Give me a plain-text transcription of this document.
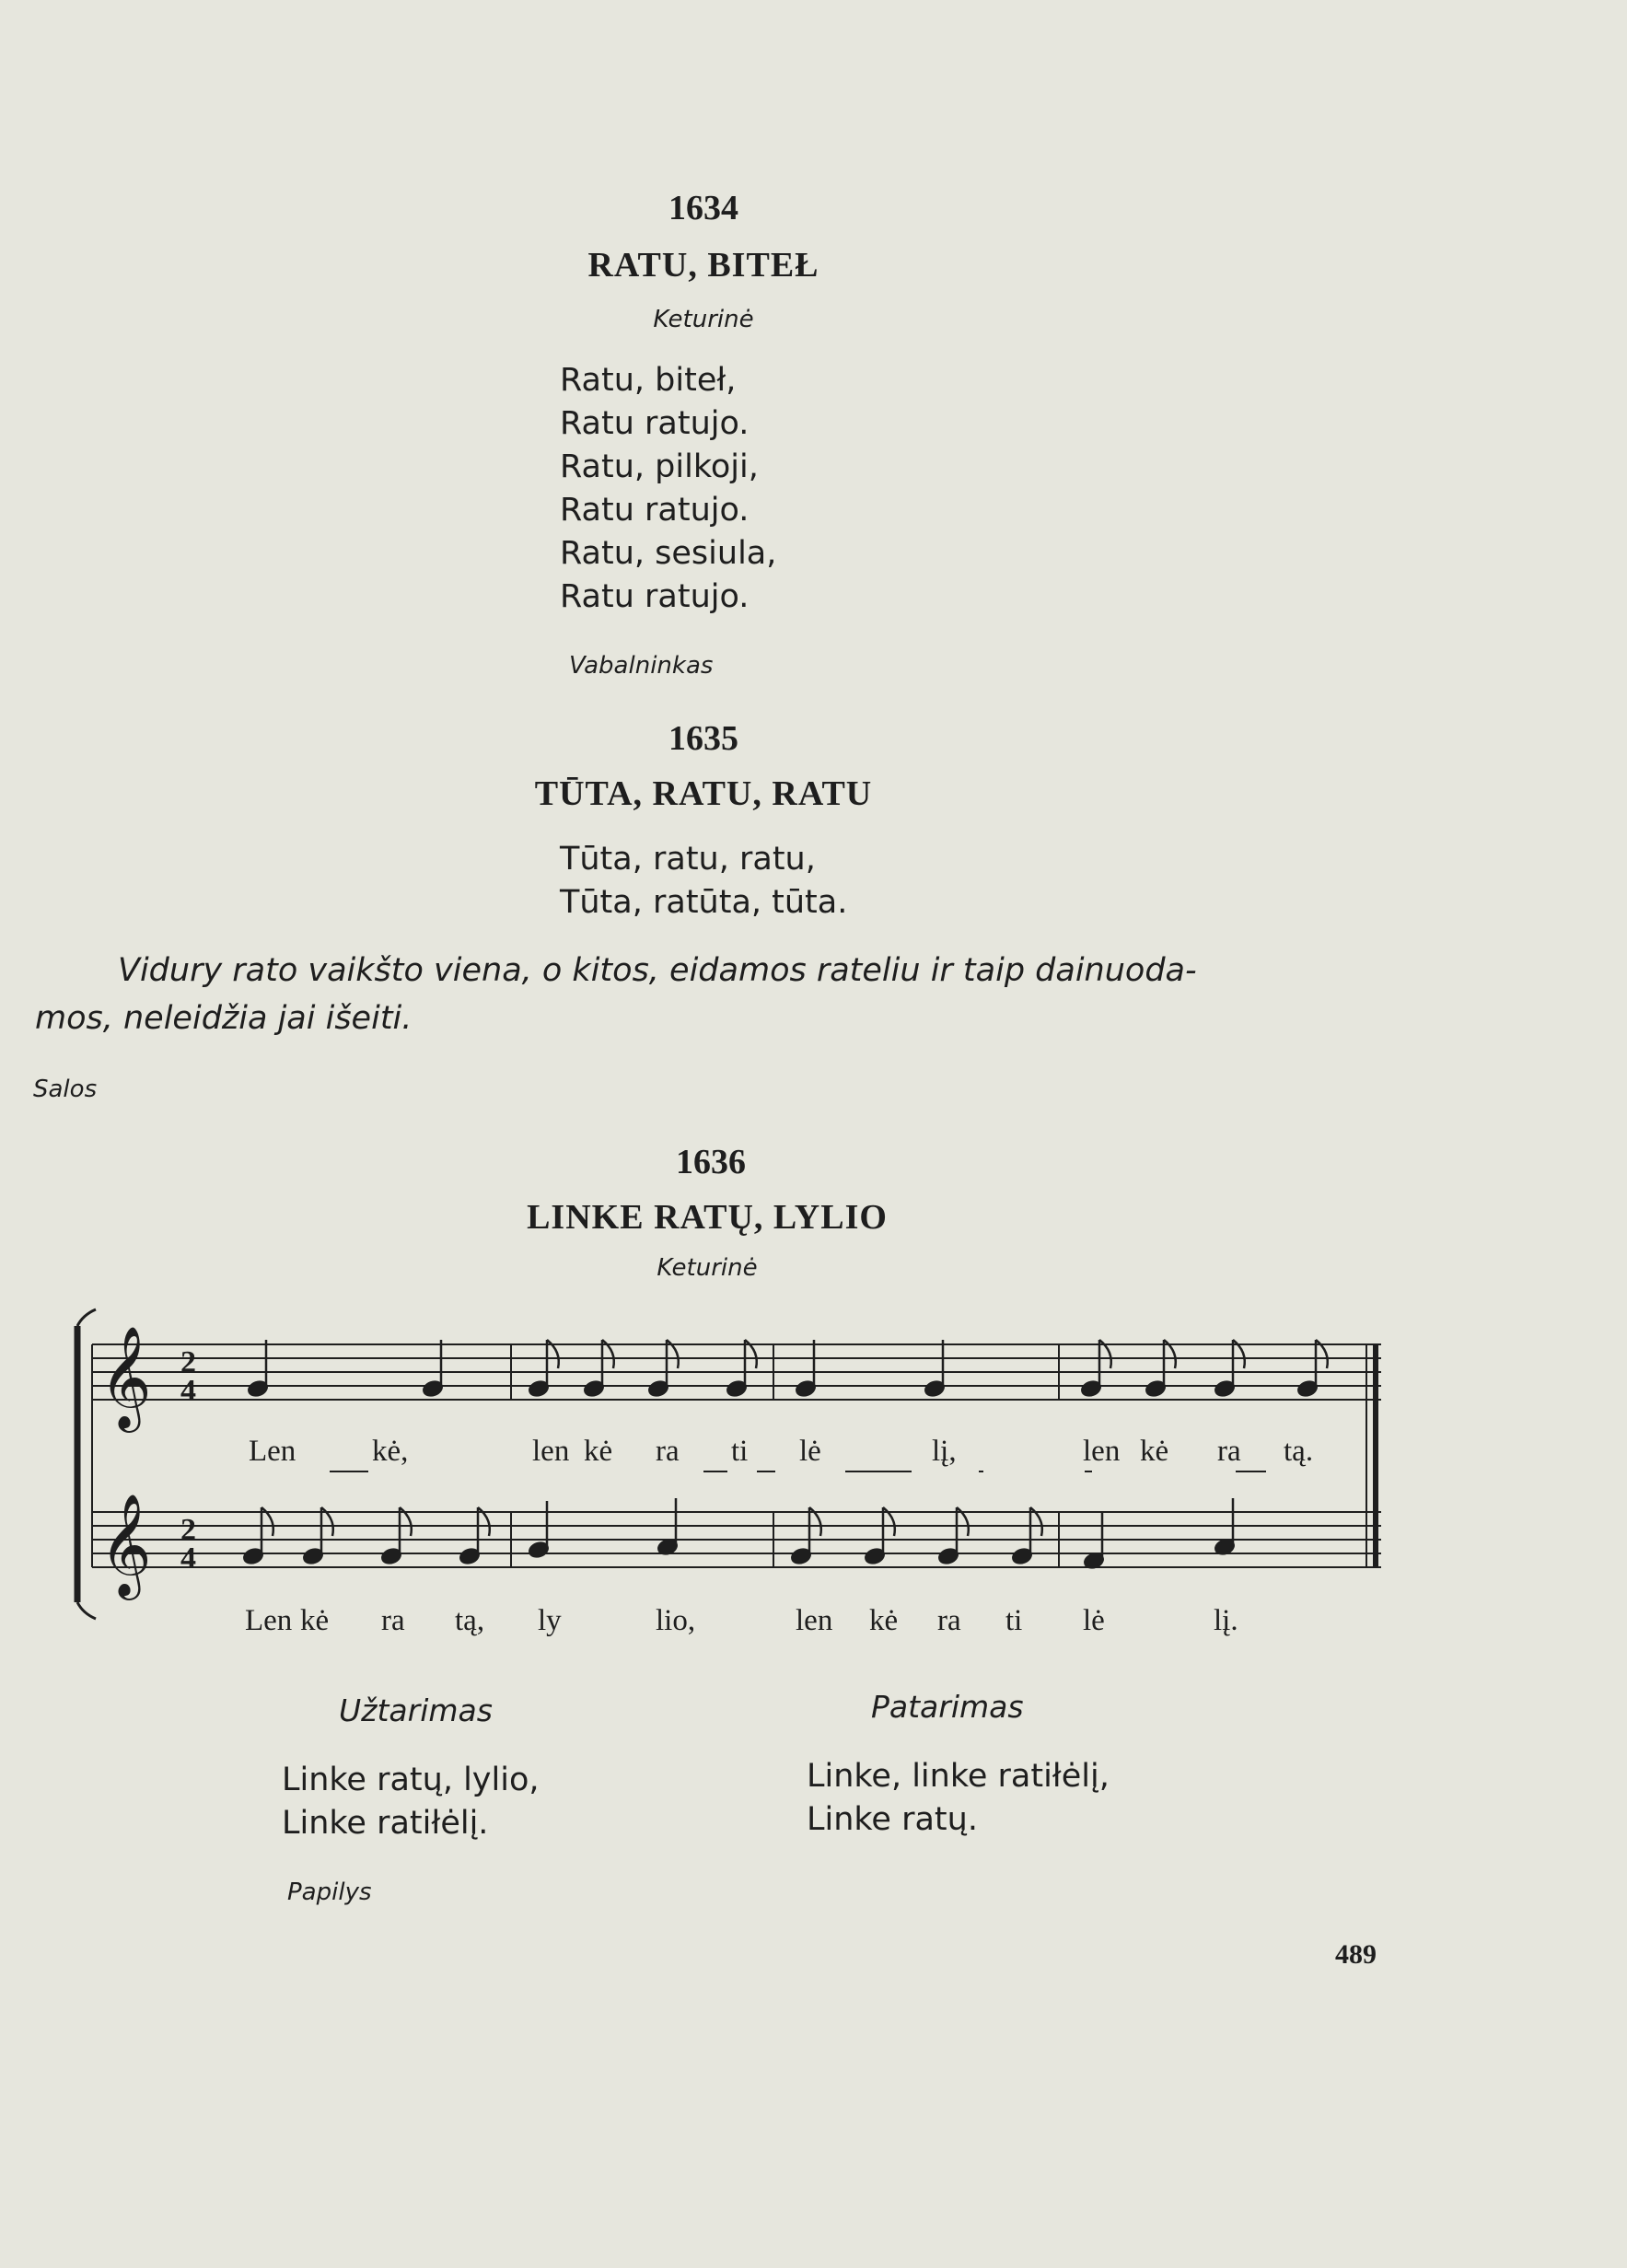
1634
RATU, BITEŁ
Keturinė
Ratu, biteł,
Ratu ratujo.
Ratu, pilkoji,
Ratu ratujo.
Ratu, sesiula,
Ratu ratujo.
Vabalninkas
1635
TŪTA, RATU, RATU
Tūta, ratu, ratu,
Tūta, ratūta, tūta.
Vidury rato vaikšto viena, o kitos, eidamos rateliu ir taip dainuoda-
mos, neleidžia jai išeiti.
Salos
1636
LINKE RATŲ, LYLIO
Keturinė
𝄞
𝄞
2
4
2
4
Len	kė,	len kė ra ti lė	lį,	len kė ra tą.
Len kė ra tą, ly	lio,	len kė ra ti lė	lį.
Užtarimas
Linke ratų, lylio,
Linke ratiłėlį.
Patarimas
Linke, linke ratiłėlį,
Linke ratų.
Papilys
489
